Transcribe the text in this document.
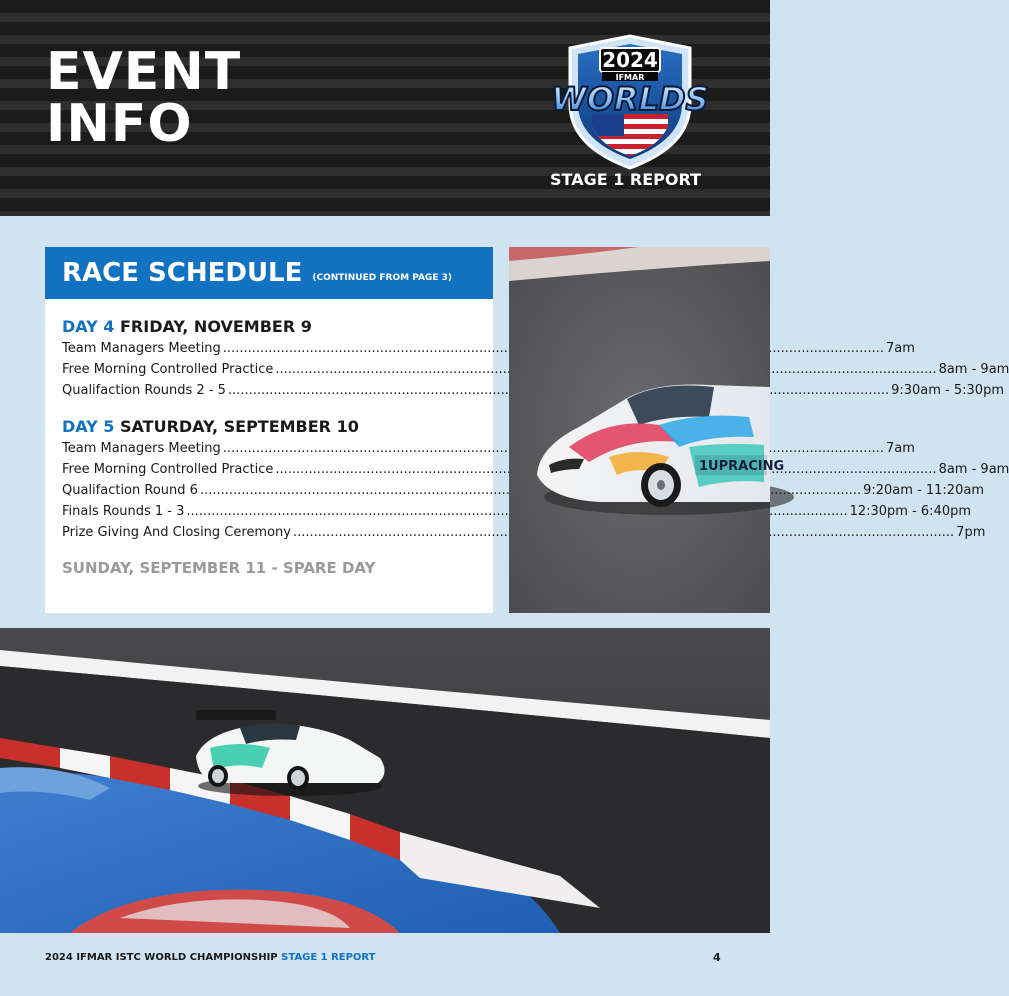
EVENT
INFO
2024
IFMAR
WORLDS
STAGE 1 REPORT
RACE SCHEDULE (CONTINUED FROM PAGE 3)
DAY 4 FRIDAY, NOVEMBER 9
Team Managers Meeting .....	7am
Free Morning Controlled Practice .....	8am - 9am
Qualifaction Rounds 2 - 5 .....	9:30am - 5:30pm
DAY 5 SATURDAY, SEPTEMBER 10
Team Managers Meeting .....	7am
Free Morning Controlled Practice .....	8am - 9am
Qualifaction Round 6 .....	9:20am - 11:20am
Finals Rounds 1 - 3 .....	12:30pm - 6:40pm
Prize Giving And Closing Ceremony .....	7pm
SUNDAY, SEPTEMBER 11 - SPARE DAY
1UPRACING
2024 IFMAR ISTC WORLD CHAMPIONSHIP STAGE 1 REPORT	4
